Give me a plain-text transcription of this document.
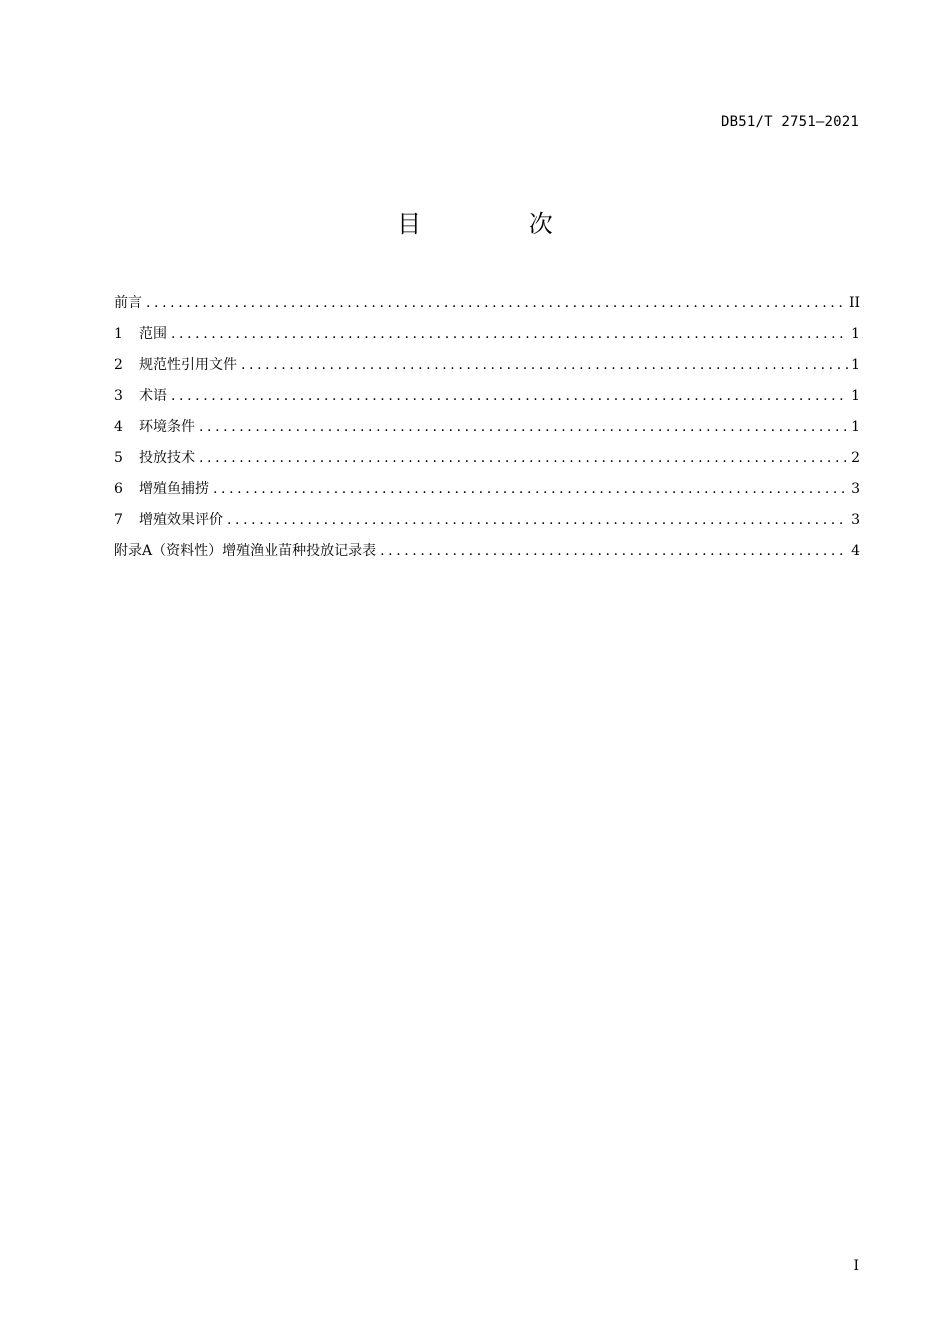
DB51/T 2751—2021
目 次
前言 .....	II
1	范围 .....	1
2	规范性引用文件 .....	1
3	术语 .....	1
4	环境条件 .....	1
5	投放技术 .....	2
6	增殖鱼捕捞 .....	3
7	增殖效果评价 .....	3
附录A（资料性）增殖渔业苗种投放记录表 .....	4
I
